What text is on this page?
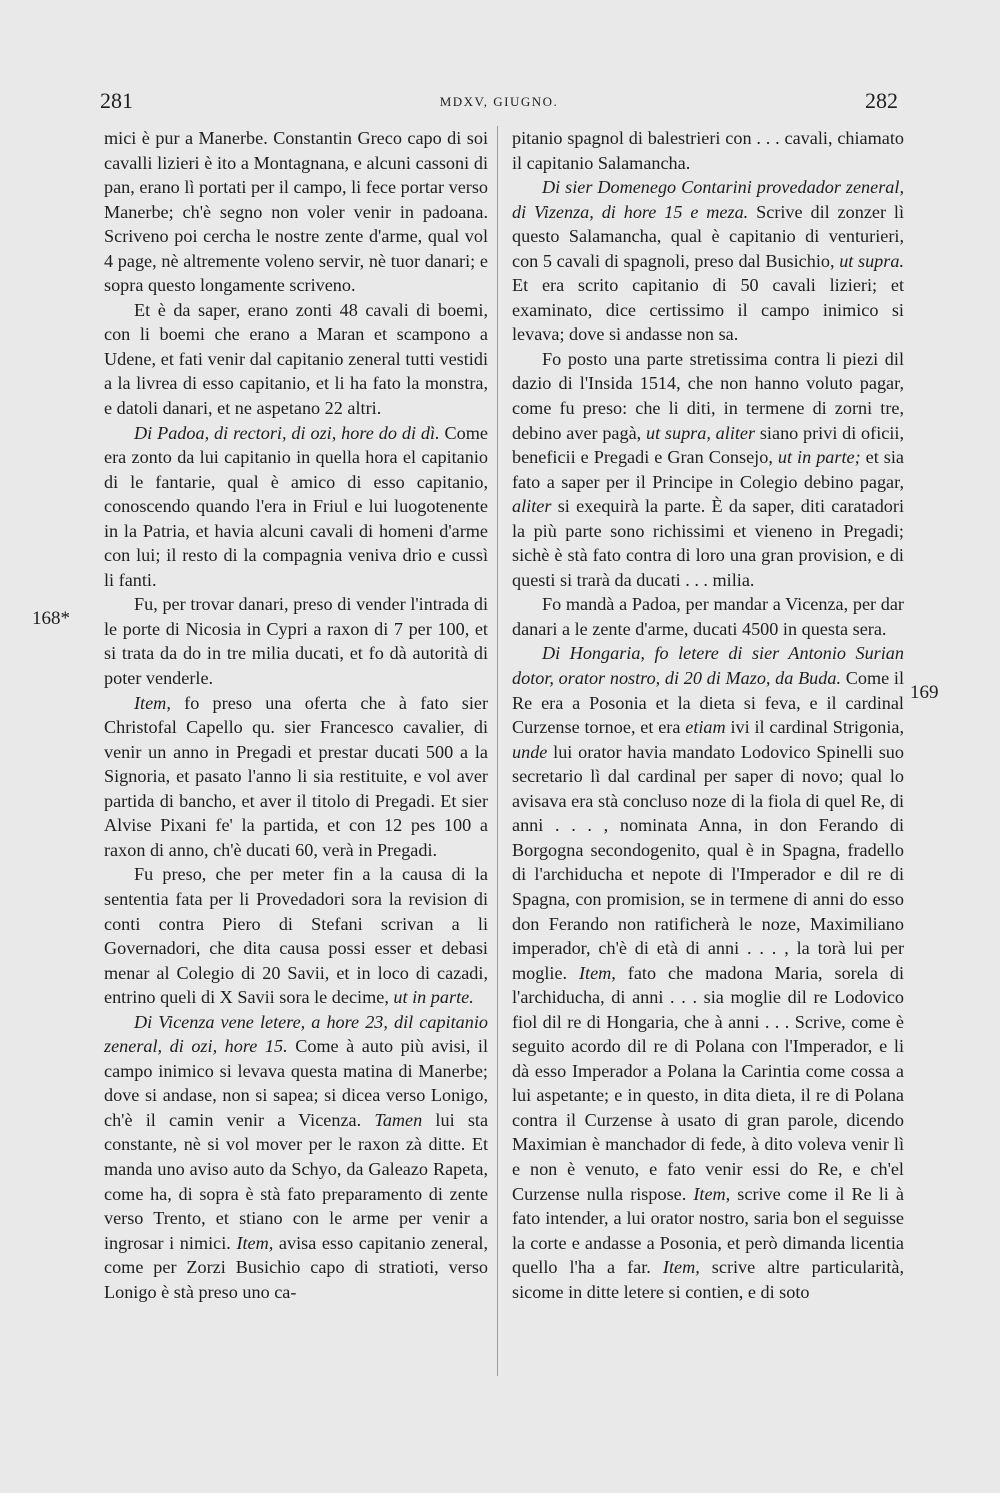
281	MDXV, GIUGNO.	282
168*
169

mici è pur a Manerbe. Constantin Greco capo di soi cavalli lizieri è ito a Montagnana, e alcuni cassoni di pan, erano lì portati per il campo, li fece portar verso Manerbe; ch'è segno non voler venir in padoana. Scriveno poi cercha le nostre zente d'arme, qual vol 4 page, nè altremente voleno servir, nè tuor danari; e sopra questo longamente scriveno.

Et è da saper, erano zonti 48 cavali di boemi, con li boemi che erano a Maran et scampono a Udene, et fati venir dal capitanio zeneral tutti vestidi a la livrea di esso capitanio, et li ha fato la monstra, e datoli danari, et ne aspetano 22 altri.

Di Padoa, di rectori, di ozi, hore do di dì. Come era zonto da lui capitanio in quella hora el capitanio di le fantarie, qual è amico di esso capitanio, conoscendo quando l'era in Friul e lui luogotenente in la Patria, et havia alcuni cavali di homeni d'arme con lui; il resto di la compagnia veniva drio e cussì li fanti.

Fu, per trovar danari, preso di vender l'intrada di le porte di Nicosia in Cypri a raxon di 7 per 100, et si trata da do in tre milia ducati, et fo dà autorità di poter venderle.

Item, fo preso una oferta che à fato sier Christofal Capello qu. sier Francesco cavalier, di venir un anno in Pregadi et prestar ducati 500 a la Signoria, et pasato l'anno li sia restituite, e vol aver partida di bancho, et aver il titolo di Pregadi. Et sier Alvise Pixani fe' la partida, et con 12 pes 100 a raxon di anno, ch'è ducati 60, verà in Pregadi.

Fu preso, che per meter fin a la causa di la sententia fata per li Provedadori sora la revision di conti contra Piero di Stefani scrivan a li Governadori, che dita causa possi esser et debasi menar al Colegio di 20 Savii, et in loco di cazadi, entrino queli di X Savii sora le decime, ut in parte.

Di Vicenza vene letere, a hore 23, dil capitanio zeneral, di ozi, hore 15. Come à auto più avisi, il campo inimico si levava questa matina di Manerbe; dove si andase, non si sapea; si dicea verso Lonigo, ch'è il camin venir a Vicenza. Tamen lui sta constante, nè si vol mover per le raxon zà ditte. Et manda uno aviso auto da Schyo, da Galeazo Rapeta, come ha, di sopra è stà fato preparamento di zente verso Trento, et stiano con le arme per venir a ingrosar i nimici. Item, avisa esso capitanio zeneral, come per Zorzi Busichio capo di stratioti, verso Lonigo è stà preso uno ca-

pitanio spagnol di balestrieri con . . . cavali, chiamato il capitanio Salamancha.

Di sier Domenego Contarini provedador zeneral, di Vizenza, di hore 15 e meza. Scrive dil zonzer lì questo Salamancha, qual è capitanio di venturieri, con 5 cavali di spagnoli, preso dal Busichio, ut supra. Et era scrito capitanio di 50 cavali lizieri; et examinato, dice certissimo il campo inimico si levava; dove si andasse non sa.

Fo posto una parte stretissima contra li piezi dil dazio di l'Insida 1514, che non hanno voluto pagar, come fu preso: che li diti, in termene di zorni tre, debino aver pagà, ut supra, aliter siano privi di oficii, beneficii e Pregadi e Gran Consejo, ut in parte; et sia fato a saper per il Principe in Colegio debino pagar, aliter si exequirà la parte. È da saper, diti caratadori la più parte sono richissimi et vieneno in Pregadi; sichè è stà fato contra di loro una gran provision, e di questi si trarà da ducati . . . milia.

Fo mandà a Padoa, per mandar a Vicenza, per dar danari a le zente d'arme, ducati 4500 in questa sera.

Di Hongaria, fo letere di sier Antonio Surian dotor, orator nostro, di 20 di Mazo, da Buda. Come il Re era a Posonia et la dieta si feva, e il cardinal Curzense tornoe, et era etiam ivi il cardinal Strigonia, unde lui orator havia mandato Lodovico Spinelli suo secretario lì dal cardinal per saper di novo; qual lo avisava era stà concluso noze di la fiola di quel Re, di anni . . . , nominata Anna, in don Ferando di Borgogna secondogenito, qual è in Spagna, fradello di l'archiducha et nepote di l'Imperador e dil re di Spagna, con promision, se in termene di anni do esso don Ferando non ratificherà le noze, Maximiliano imperador, ch'è di età di anni . . . , la torà lui per moglie. Item, fato che madona Maria, sorela di l'archiducha, di anni . . . sia moglie dil re Lodovico fiol dil re di Hongaria, che à anni . . . Scrive, come è seguito acordo dil re di Polana con l'Imperador, e li dà esso Imperador a Polana la Carintia come cossa a lui aspetante; e in questo, in dita dieta, il re di Polana contra il Curzense à usato di gran parole, dicendo Maximian è manchador di fede, à dito voleva venir lì e non è venuto, e fato venir essi do Re, e ch'el Curzense nulla rispose. Item, scrive come il Re li à fato intender, a lui orator nostro, saria bon el seguisse la corte e andasse a Posonia, et però dimanda licentia quello l'ha a far. Item, scrive altre particularità, sicome in ditte letere si contien, e di soto
